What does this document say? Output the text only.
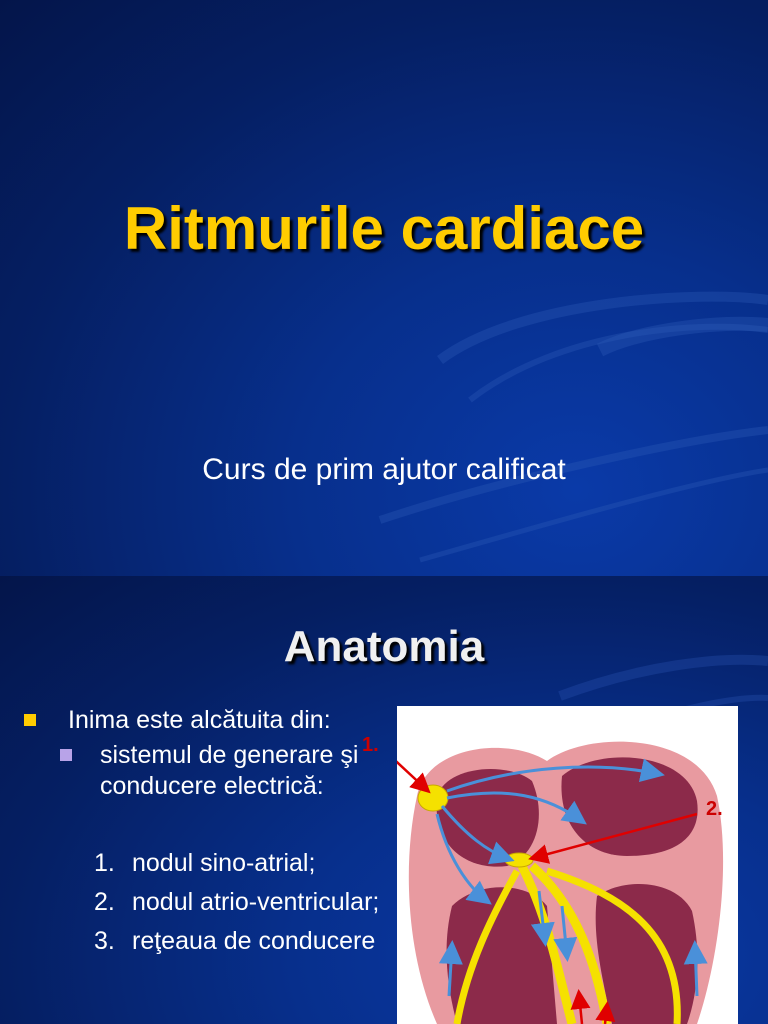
Ritmurile cardiace
Curs de prim ajutor calificat
Anatomia
Inima este alcătuita din:
sistemul de generare şi conducere electrică:
1. nodul sino-atrial;
2. nodul atrio-ventricular;
3. reţeaua de conducere
1.
2.
